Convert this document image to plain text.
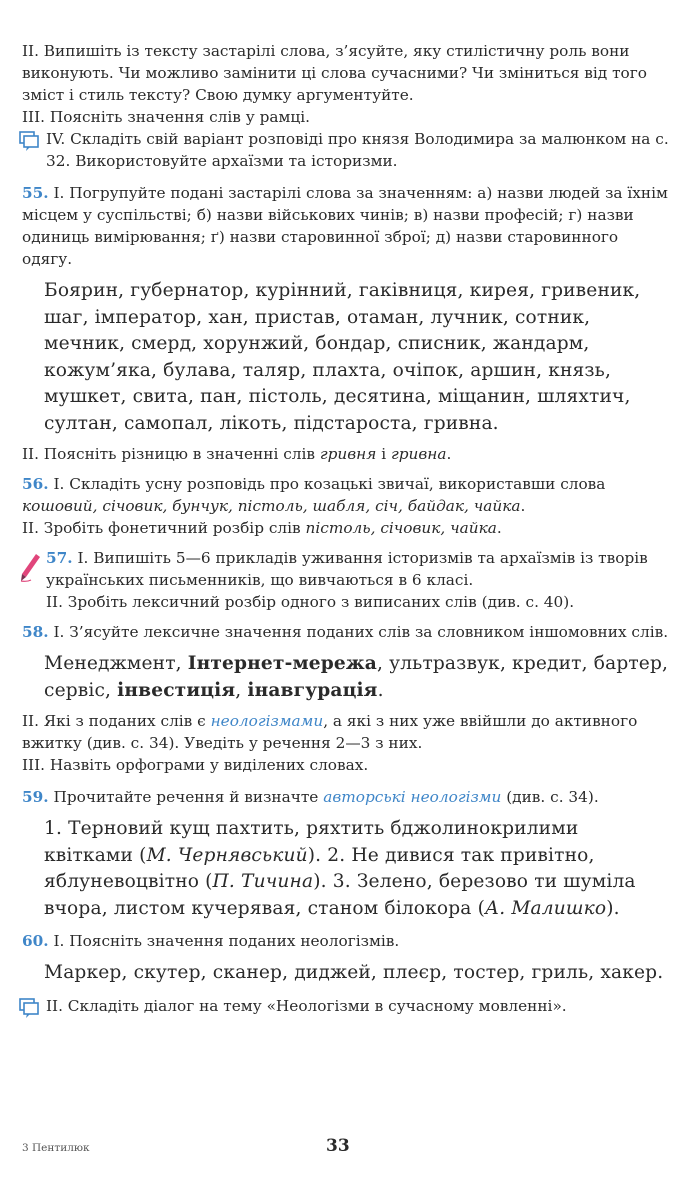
ІІ. Випишіть із тексту застарілі слова, з’ясуйте, яку стилістичну роль вони виконують. Чи можливо замінити ці слова сучасними? Чи зміниться від того зміст і стиль тексту? Свою думку аргументуйте.

ІІІ. Поясніть значення слів у рамці.

IV. Складіть свій варіант розповіді про князя Володимира за малюнком на с. 32. Використовуйте архаїзми та історизми.

55. І. Погрупуйте подані застарілі слова за значенням: а) назви людей за їхнім місцем у суспільстві; б) назви військових чинів; в) назви професій; г) назви одиниць вимірювання; ґ) назви старовинної зброї; д) назви старовинного одягу.

Боярин, губернатор, курінний, гаківниця, кирея, гривеник, шаг, імператор, хан, пристав, отаман, лучник, сотник, мечник, смерд, хорунжий, бондар, списник, жандарм, кожум’яка, булава, таляр, плахта, очіпок, аршин, князь, мушкет, свита, пан, пістоль, десятина, міщанин, шляхтич, султан, самопал, лікоть, підстароста, гривна.

ІІ. Поясніть різницю в значенні слів гривня і гривна.

56. І. Складіть усну розповідь про козацькі звичаї, використавши слова кошовий, січовик, бунчук, пістоль, шабля, січ, байдак, чайка.

ІІ. Зробіть фонетичний розбір слів пістоль, січовик, чайка.

57. І. Випишіть 5—6 прикладів уживання історизмів та архаїзмів із творів українських письменників, що вивчаються в 6 класі.

ІІ. Зробіть лексичний розбір одного з виписаних слів (див. с. 40).

58. І. З’ясуйте лексичне значення поданих слів за словником іншомовних слів.

Менеджмент, Інтернет-мережа, ультразвук, кредит, бартер, сервіс, інвестиція, інавгурація.

ІІ. Які з поданих слів є неологізмами, а які з них уже ввійшли до активного вжитку (див. с. 34). Уведіть у речення 2—3 з них.

ІІІ. Назвіть орфограми у виділених словах.

59. Прочитайте речення й визначте авторські неологізми (див. с. 34).

1. Терновий кущ пахтить, ряхтить бджолинокрилими квітками (М. Чернявський). 2. Не дивися так привітно, яблуневоцвітно (П. Тичина). 3. Зелено, березово ти шуміла вчора, листом кучерявая, станом білокора (А. Малишко).

60. І. Поясніть значення поданих неологізмів.

Маркер, скутер, сканер, диджей, плеєр, тостер, гриль, хакер.

ІІ. Складіть діалог на тему «Неологізми в сучасному мовленні».

3 Пентилюк	33
